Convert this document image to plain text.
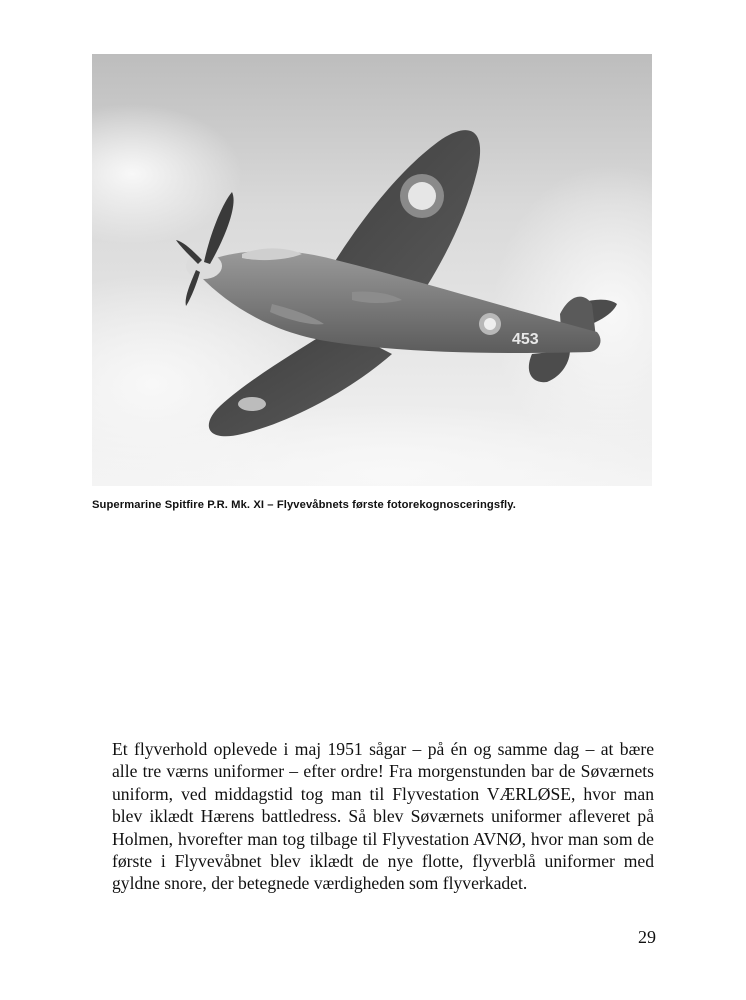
453
Supermarine Spitfire P.R. Mk. XI – Flyvevåbnets første fotorekognosceringsfly.

Et flyverhold oplevede i maj 1951 sågar – på én og samme dag – at bære alle tre værns uniformer – efter ordre! Fra morgenstunden bar de Søværnets uniform, ved middagstid tog man til Flyvestation VÆRLØSE, hvor man blev iklædt Hærens battledress. Så blev Søværnets uniformer afleveret på Holmen, hvorefter man tog tilbage til Flyvestation AVNØ, hvor man som de første i Flyvevåbnet blev iklædt de nye flotte, flyverblå uniformer med gyldne snore, der betegnede værdigheden som flyverkadet.

29
